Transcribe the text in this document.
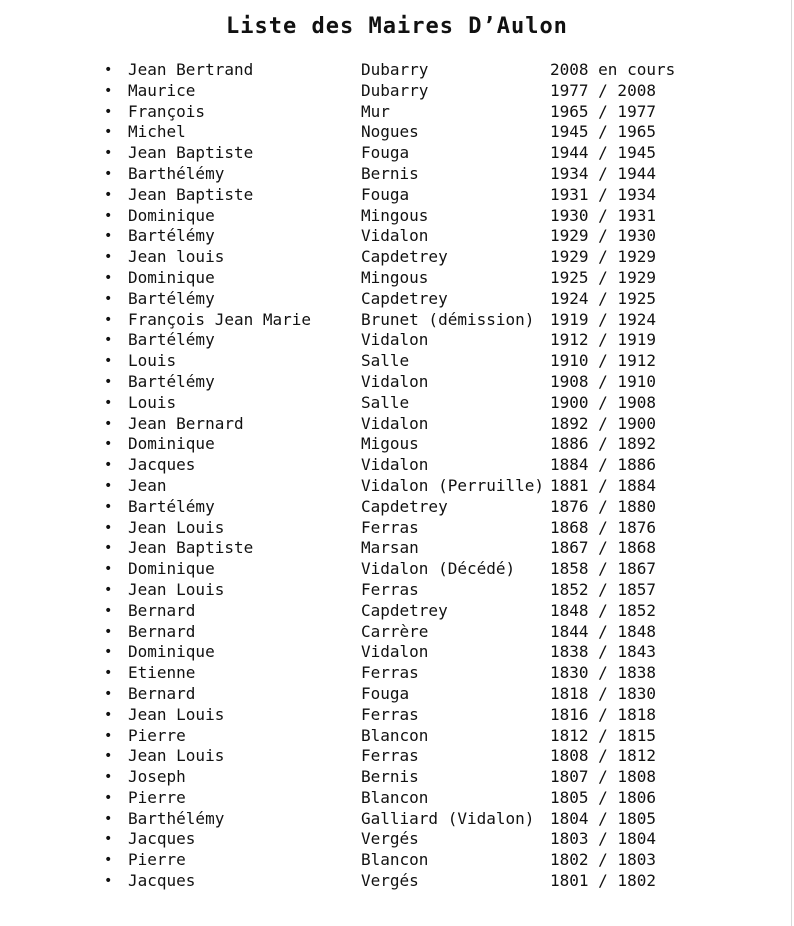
Liste des Maires D’Aulon
• Jean Bertrand	Dubarry	2008 en cours
• Maurice	Dubarry	1977 / 2008
• François	Mur	1965 / 1977
• Michel	Nogues	1945 / 1965
• Jean Baptiste	Fouga	1944 / 1945
• Barthélémy	Bernis	1934 / 1944
• Jean Baptiste	Fouga	1931 / 1934
• Dominique	Mingous	1930 / 1931
• Bartélémy	Vidalon	1929 / 1930
• Jean louis	Capdetrey	1929 / 1929
• Dominique	Mingous	1925 / 1929
• Bartélémy	Capdetrey	1924 / 1925
• François Jean Marie	Brunet (démission) 1919 / 1924
• Bartélémy	Vidalon	1912 / 1919
• Louis	Salle	1910 / 1912
• Bartélémy	Vidalon	1908 / 1910
• Louis	Salle	1900 / 1908
• Jean Bernard	Vidalon	1892 / 1900
• Dominique	Migous	1886 / 1892
• Jacques	Vidalon	1884 / 1886
• Jean	Vidalon (Perruille) 1881 / 1884
• Bartélémy	Capdetrey	1876 / 1880
• Jean Louis	Ferras	1868 / 1876
• Jean Baptiste	Marsan	1867 / 1868
• Dominique	Vidalon (Décédé) 1858 / 1867
• Jean Louis	Ferras	1852 / 1857
• Bernard	Capdetrey	1848 / 1852
• Bernard	Carrère	1844 / 1848
• Dominique	Vidalon	1838 / 1843
• Etienne	Ferras	1830 / 1838
• Bernard	Fouga	1818 / 1830
• Jean Louis	Ferras	1816 / 1818
• Pierre	Blancon	1812 / 1815
• Jean Louis	Ferras	1808 / 1812
• Joseph	Bernis	1807 / 1808
• Pierre	Blancon	1805 / 1806
• Barthélémy	Galliard (Vidalon) 1804 / 1805
• Jacques	Vergés	1803 / 1804
• Pierre	Blancon	1802 / 1803
• Jacques	Vergés	1801 / 1802
